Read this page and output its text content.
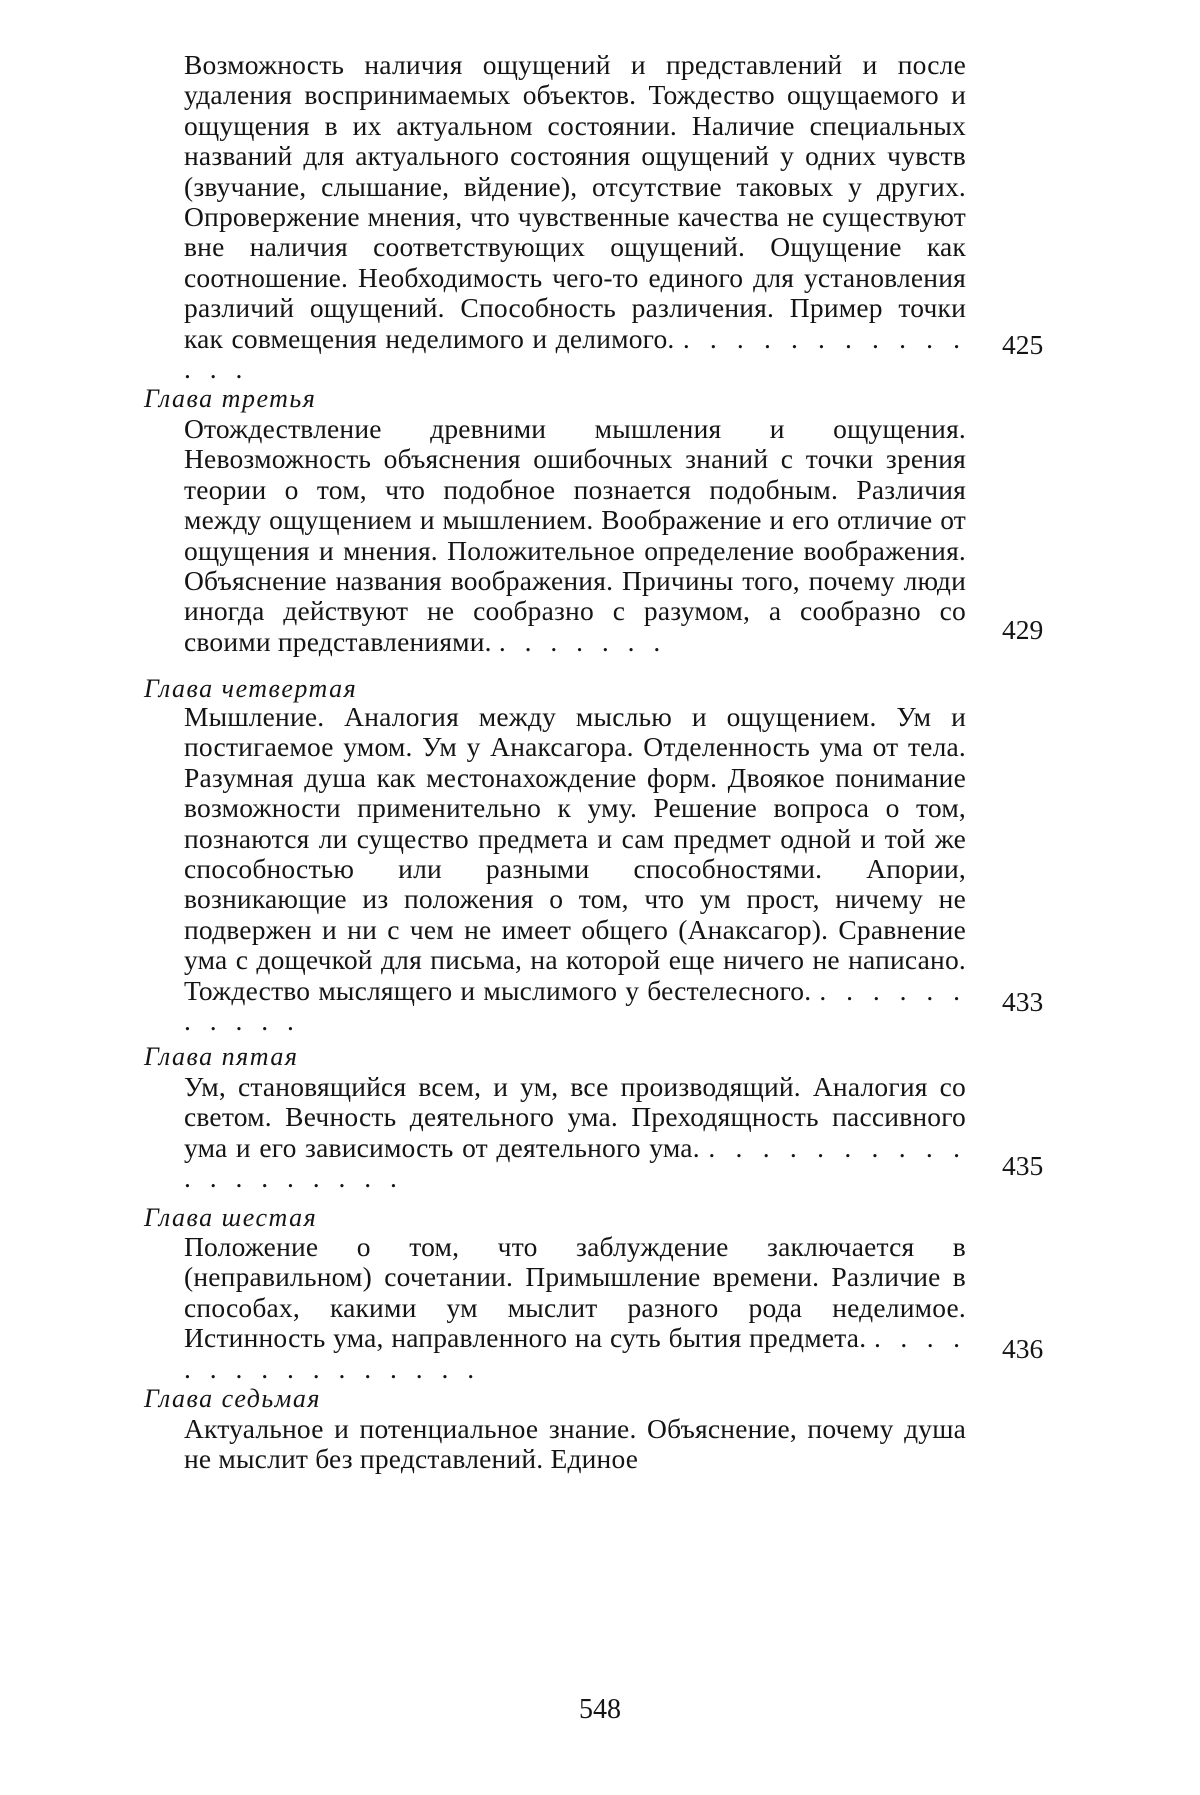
Возможность наличия ощущений и представлений и после удаления воспринимаемых объектов. Тождество ощущаемого и ощущения в их актуальном состоянии. Наличие специальных названий для актуального состояния ощущений у одних чувств (звучание, слышание, вйдение), отсутствие таковых у других. Опровержение мнения, что чувственные качества не существуют вне наличия соответствующих ощущений. Ощущение как соотношение. Необходимость чего-то единого для установления различий ощущений. Способность различения. Пример точки как совмещения неделимого и делимого. . . . . . . . . . . . . . .

425
Глава третья

Отождествление древними мышления и ощущения. Невозможность объяснения ошибочных знаний с точки зрения теории о том, что подобное познается подобным. Различия между ощущением и мышлением. Воображение и его отличие от ощущения и мнения. Положительное определение воображения. Объяснение названия воображения. Причины того, почему люди иногда действуют не сообразно с разумом, а сообразно со своими представлениями. . . . . . . .	429
Глава четвертая

Мышление. Аналогия между мыслью и ощущением. Ум и постигаемое умом. Ум у Анаксагора. Отделенность ума от тела. Разумная душа как местонахождение форм. Двоякое понимание возможности применительно к уму. Решение вопроса о том, познаются ли существо предмета и сам предмет одной и той же способностью или разными способностями. Апории, возникающие из положения о том, что ум прост, ничему не подвержен и ни с чем не имеет общего (Анаксагор). Сравнение ума с дощечкой для письма, на которой еще ничего не написано. Тождество мыслящего и мыслимого у бестелесного. . . . . . . . . . . .

433
Глава пятая

Ум, становящийся всем, и ум, все производящий. Аналогия со светом. Вечность деятельного ума. Преходящность пассивного ума и его зависимость от деятельного ума. . . . . . . . . . . . . . . . . . . .	435
Глава шестая

Положение о том, что заблуждение заключается в (неправильном) сочетании. Примышление времени. Различие в способах, какими ум мыслит разного рода неделимое. Истинность ума, направленного на суть бытия предмета. . . . . . . . . . . . . . . . .

436
Глава седьмая

Актуальное и потенциальное знание. Объяснение, почему душа не мыслит без представлений. Единое

548
